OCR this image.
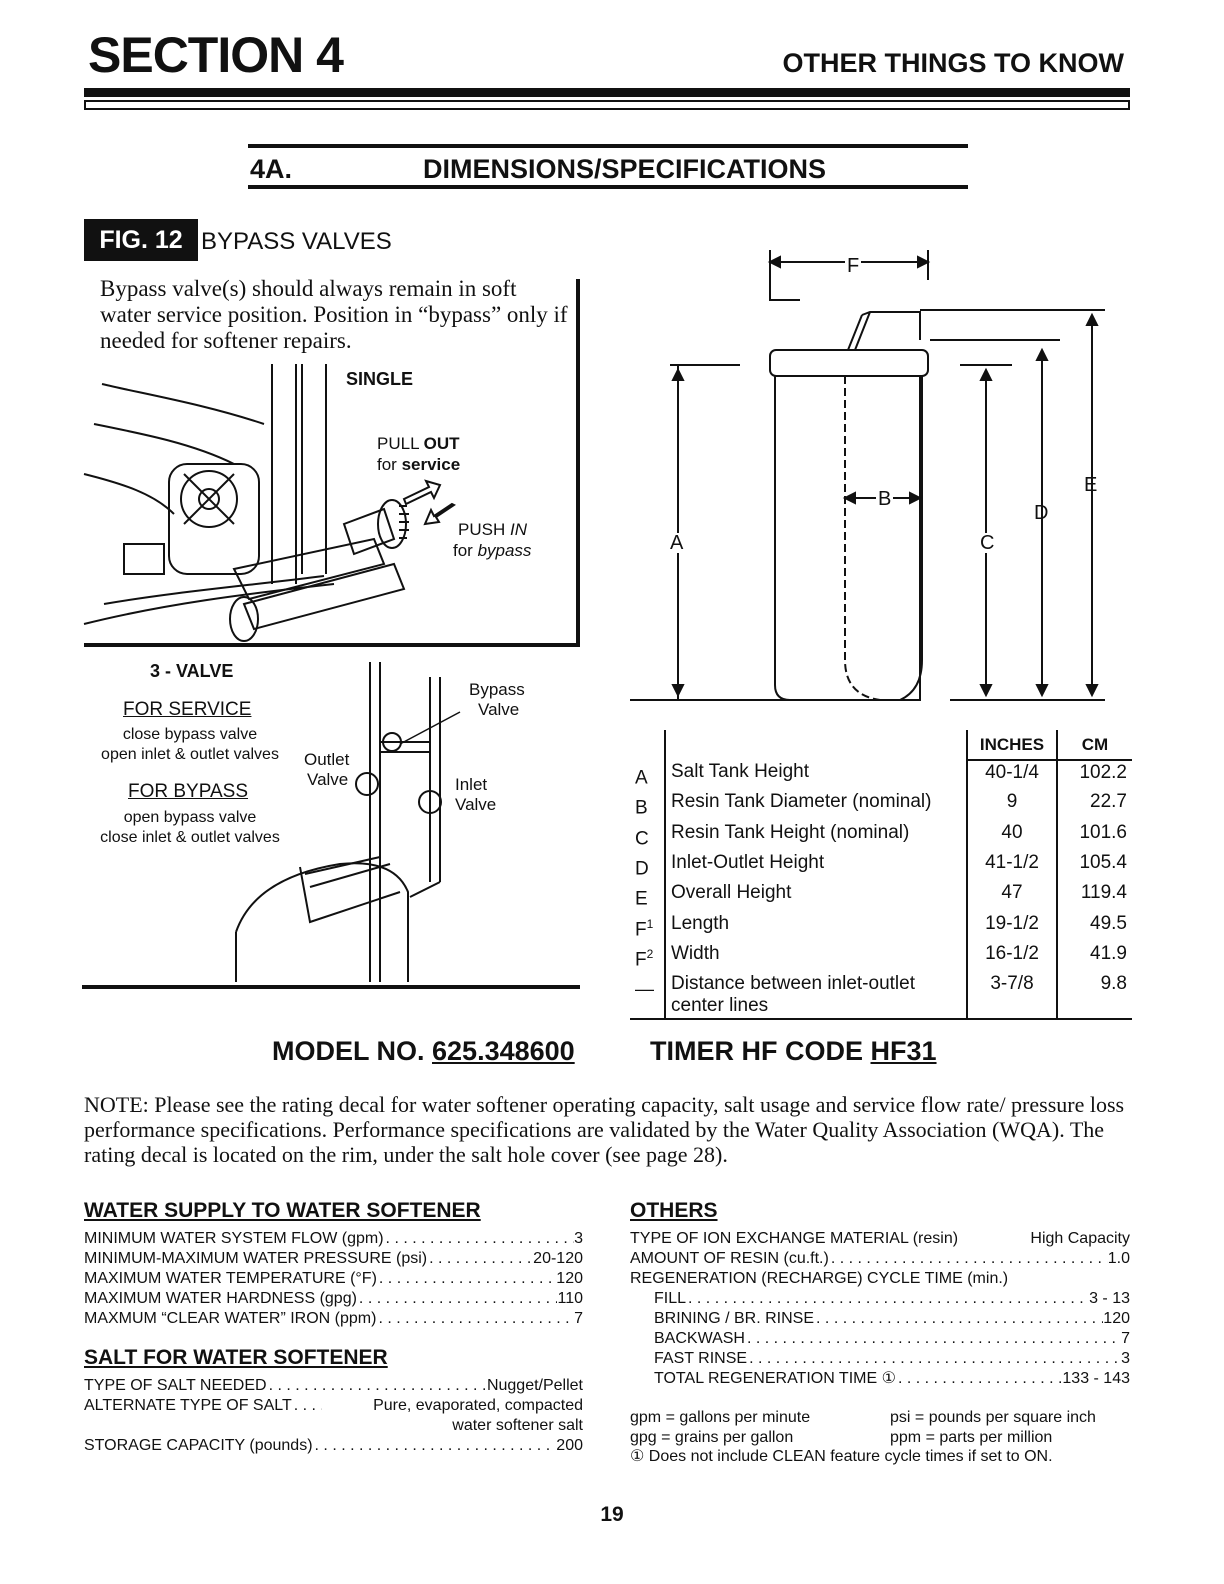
SECTION 4	OTHER THINGS TO KNOW
4A.	DIMENSIONS/SPECIFICATIONS
FIG. 12 BYPASS VALVES
Bypass valve(s) should always remain in soft water service position. Position in “bypass” only if needed for softener repairs.
SINGLE
PULL OUT
for service
PUSH IN
for bypass
3 - VALVE
FOR SERVICE
close bypass valve
open inlet & outlet valves
FOR BYPASS
open bypass valve
close inlet & outlet valves
Outlet
Valve
Bypass
Valve
Inlet
Valve
F
E
D
B
A	C
		INCHES	CM
A	Salt Tank Height	40-1/4	102.2
B	Resin Tank Diameter (nominal)	9	22.7
C	Resin Tank Height (nominal)	40	101.6
D	Inlet-Outlet Height	41-1/2	105.4
E	Overall Height	47	119.4
$F^1$	Length	19-1/2	49.5
$F^2$	Width	16-1/2	41.9
—	Distance between inlet-outlet center lines	3-7/8	9.8
MODEL NO. 625.348600	TIMER HF CODE HF31
NOTE: Please see the rating decal for water softener operating capacity, salt usage and service flow rate/ pressure loss performance specifications. Performance specifications are validated by the Water Quality Association (WQA). The rating decal is located on the rim, under the salt hole cover (see page 28).
WATER SUPPLY TO WATER SOFTENER
MINIMUM WATER SYSTEM FLOW (gpm) . . .	3
MINIMUM-MAXIMUM WATER PRESSURE (psi) . . .	20-120
MAXIMUM WATER TEMPERATURE (°F) . . .	120
MAXIMUM WATER HARDNESS (gpg) . . .	110
MAXMUM “CLEAR WATER” IRON (ppm) . . .	7
SALT FOR WATER SOFTENER
TYPE OF SALT NEEDED . . .	Nugget/Pellet
ALTERNATE TYPE OF SALT . . .	Pure, evaporated, compacted
water softener salt
STORAGE CAPACITY (pounds) . . .	200
OTHERS
TYPE OF ION EXCHANGE MATERIAL (resin)	High Capacity
AMOUNT OF RESIN (cu.ft.) . . .	1.0
REGENERATION (RECHARGE) CYCLE TIME (min.)
FILL . . .	3 - 13
BRINING / BR. RINSE . . .	120
BACKWASH . . .	7
FAST RINSE . . .	3
TOTAL REGENERATION TIME ① . . .	133 - 143
gpm = gallons per minute	psi = pounds per square inch
gpg = grains per gallon	ppm = parts per million
① Does not include CLEAN feature cycle times if set to ON.
19
